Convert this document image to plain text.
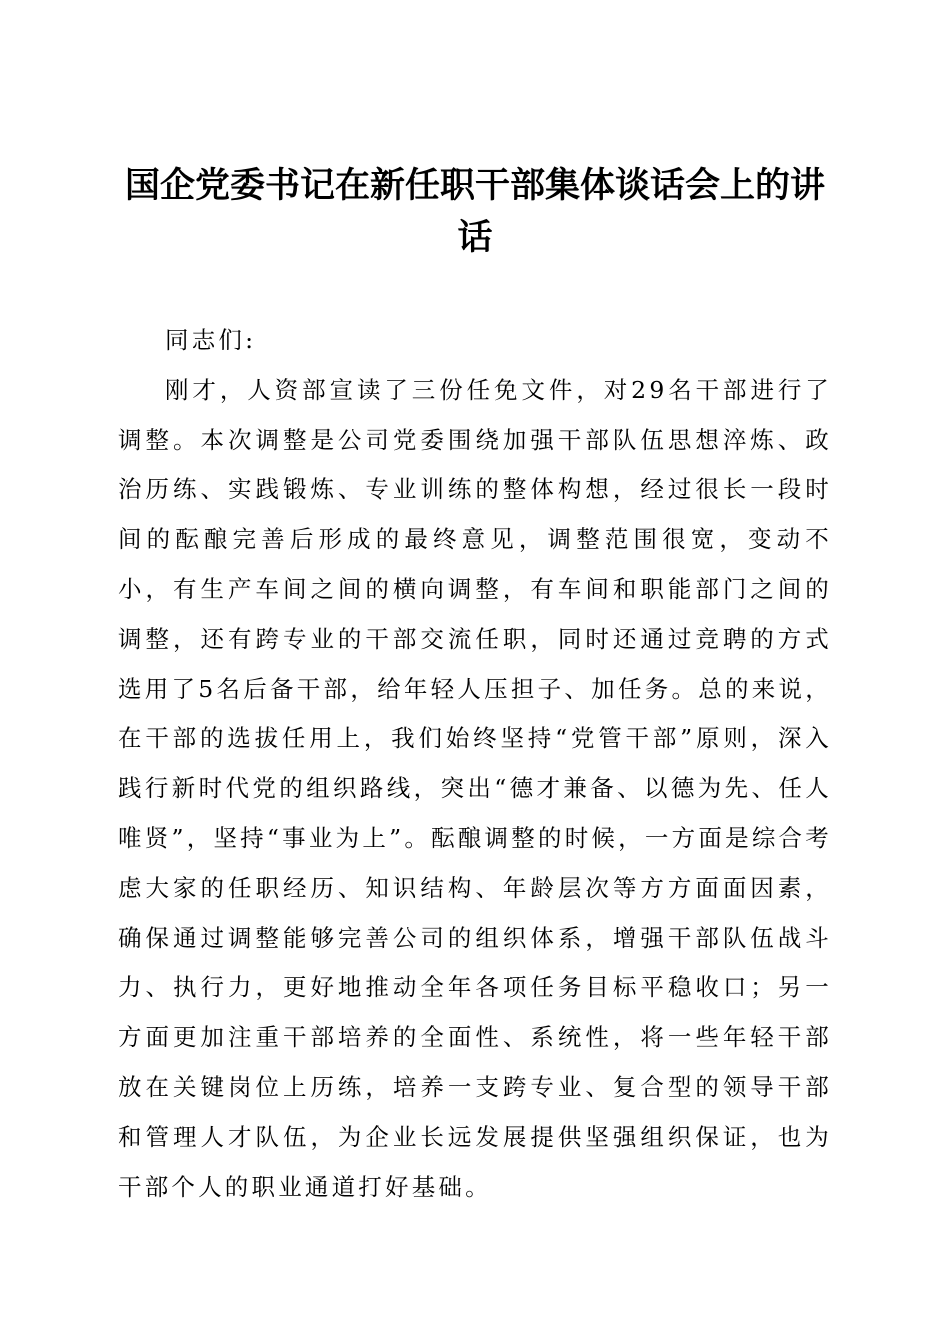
国企党委书记在新任职干部集体谈话会上的讲话

同志们:

刚才，人资部宣读了三份任免文件，对29名干部进行了调整。本次调整是公司党委围绕加强干部队伍思想淬炼、政治历练、实践锻炼、专业训练的整体构想，经过很长一段时间的酝酿完善后形成的最终意见，调整范围很宽，变动不小，有生产车间之间的横向调整，有车间和职能部门之间的调整，还有跨专业的干部交流任职，同时还通过竞聘的方式选用了5名后备干部，给年轻人压担子、加任务。总的来说，在干部的选拔任用上，我们始终坚持“党管干部”原则，深入践行新时代党的组织路线，突出“德才兼备、以德为先、任人唯贤”，坚持“事业为上”。酝酿调整的时候，一方面是综合考虑大家的任职经历、知识结构、年龄层次等方方面面因素，确保通过调整能够完善公司的组织体系，增强干部队伍战斗力、执行力，更好地推动全年各项任务目标平稳收口；另一方面更加注重干部培养的全面性、系统性，将一些年轻干部放在关键岗位上历练，培养一支跨专业、复合型的领导干部和管理人才队伍，为企业长远发展提供坚强组织保证，也为干部个人的职业通道打好基础。
